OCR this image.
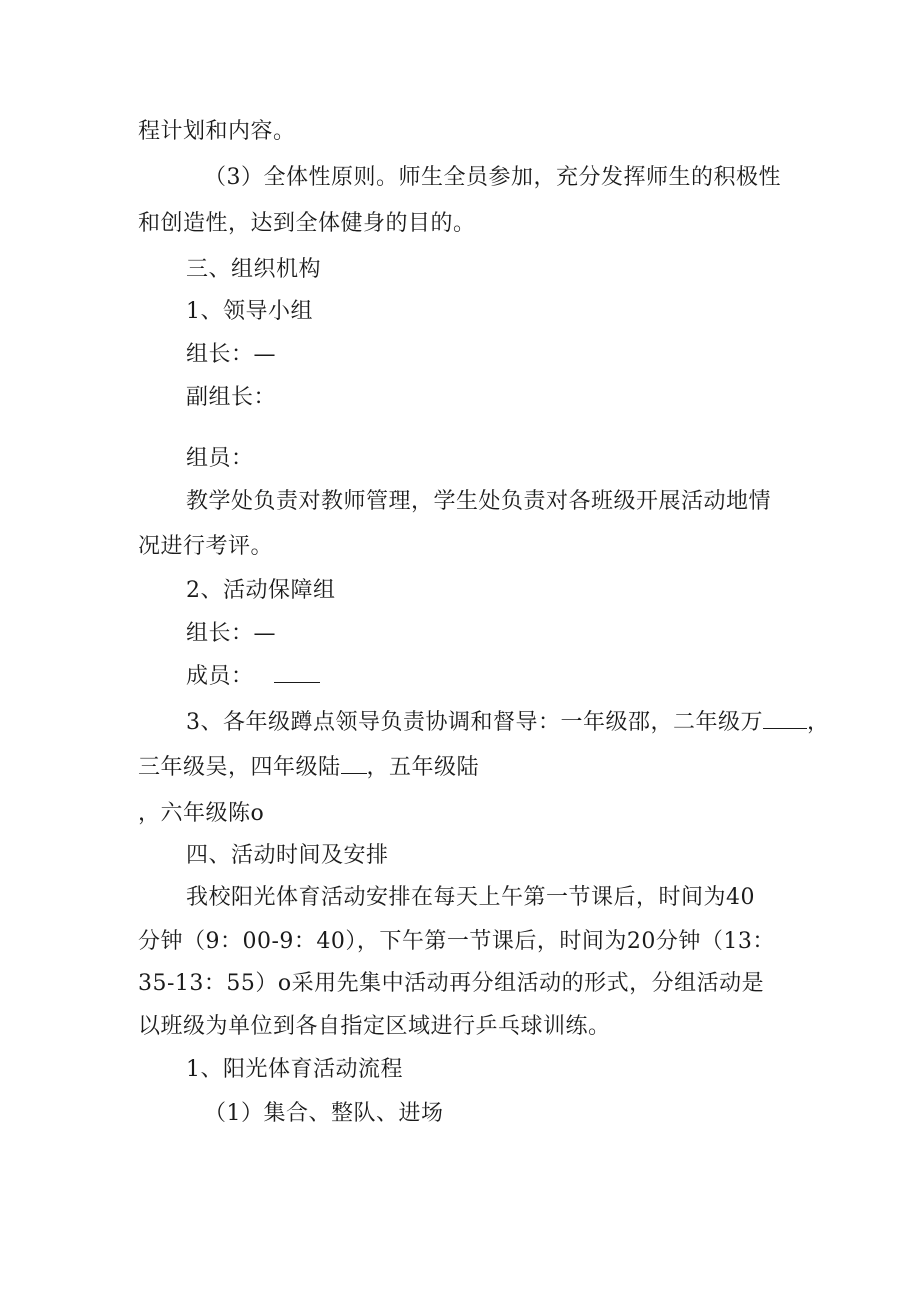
程计划和内容。
（3）全体性原则。师生全员参加，充分发挥师生的积极性
和创造性，达到全体健身的目的。
三、组织机构
1、领导小组
组长：—
副组长：
组员：
教学处负责对教师管理，学生处负责对各班级开展活动地情
况进行考评。
2、活动保障组
组长：—
成员：
3、各年级蹲点领导负责协调和督导：一年级邵，二年级万 ，
三年级吴，四年级陆 ，五年级陆
，六年级陈o
四、活动时间及安排
我校阳光体育活动安排在每天上午第一节课后，时间为40
分钟（9：00-9：40），下午第一节课后，时间为20分钟（13：
35-13：55）o采用先集中活动再分组活动的形式，分组活动是
以班级为单位到各自指定区域进行乒乓球训练。
1、阳光体育活动流程
（1）集合、整队、进场
